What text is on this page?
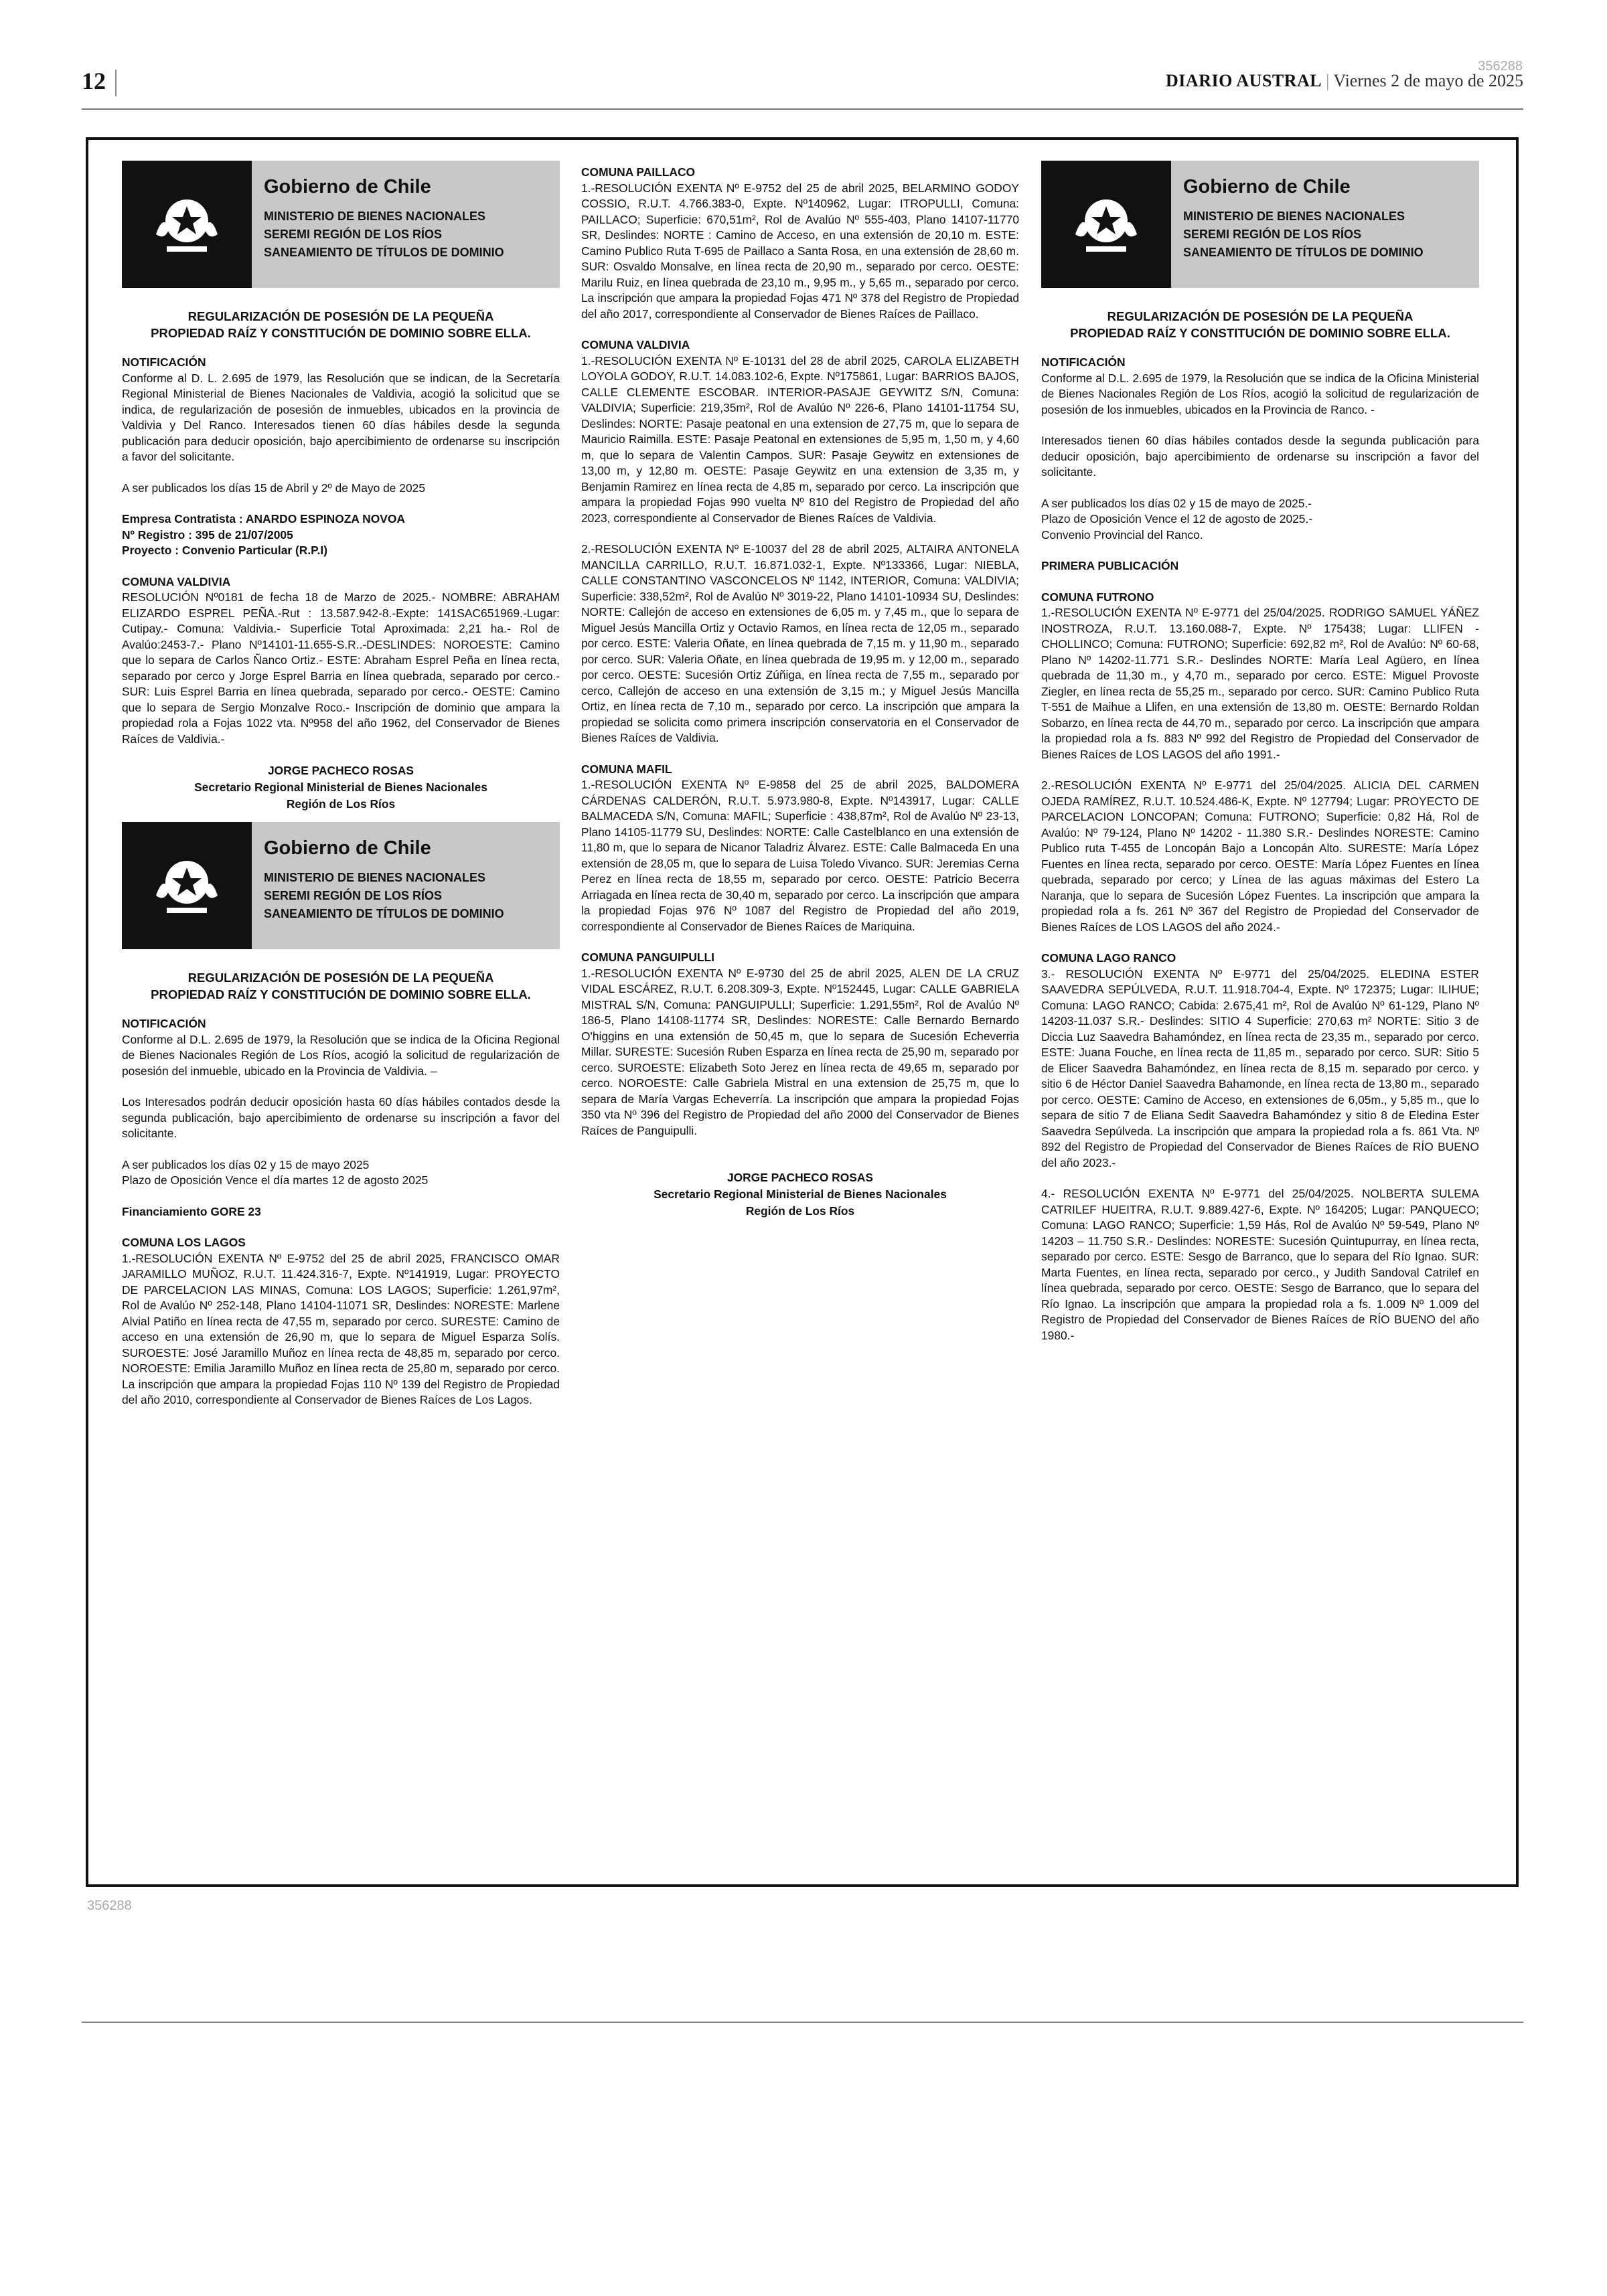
12
356288
DIARIO AUSTRAL | Viernes 2 de mayo de 2025
Gobierno de Chile
MINISTERIO DE BIENES NACIONALES
SEREMI REGIÓN DE LOS RÍOS
SANEAMIENTO DE TÍTULOS DE DOMINIO
REGULARIZACIÓN DE POSESIÓN DE LA PEQUEÑA
PROPIEDAD RAÍZ Y CONSTITUCIÓN DE DOMINIO SOBRE ELLA.

NOTIFICACIÓN

Conforme al D. L. 2.695 de 1979, las Resolución que se indican, de la Secretaría Regional Ministerial de Bienes Nacionales de Valdivia, acogió la solicitud que se indica, de regularización de posesión de inmuebles, ubicados en la provincia de Valdivia y Del Ranco. Interesados tienen 60 días hábiles desde la segunda publicación para deducir oposición, bajo apercibimiento de ordenarse su inscripción a favor del solicitante.

A ser publicados los días 15 de Abril y 2º de Mayo de 2025

Empresa Contratista : ANARDO ESPINOZA NOVOA

Nº Registro : 395 de 21/07/2005

Proyecto : Convenio Particular (R.P.I)

COMUNA VALDIVIA

RESOLUCIÓN Nº0181 de fecha 18 de Marzo de 2025.- NOMBRE: ABRAHAM ELIZARDO ESPREL PEÑA.-Rut : 13.587.942-8.-Expte: 141SAC651969.-Lugar: Cutipay.- Comuna: Valdivia.- Superficie Total Aproximada: 2,21 ha.- Rol de Avalúo:2453-7.- Plano Nº14101-11.655-S.R..-DESLINDES: NOROESTE: Camino que lo separa de Carlos Ñanco Ortiz.- ESTE: Abraham Esprel Peña en línea recta, separado por cerco y Jorge Esprel Barria en línea quebrada, separado por cerco.-SUR: Luis Esprel Barria en línea quebrada, separado por cerco.- OESTE: Camino que lo separa de Sergio Monzalve Roco.- Inscripción de dominio que ampara la propiedad rola a Fojas 1022 vta. Nº958 del año 1962, del Conservador de Bienes Raíces de Valdivia.-

JORGE PACHECO ROSAS
Secretario Regional Ministerial de Bienes Nacionales
Región de Los Ríos
Gobierno de Chile
MINISTERIO DE BIENES NACIONALES
SEREMI REGIÓN DE LOS RÍOS
SANEAMIENTO DE TÍTULOS DE DOMINIO
REGULARIZACIÓN DE POSESIÓN DE LA PEQUEÑA
PROPIEDAD RAÍZ Y CONSTITUCIÓN DE DOMINIO SOBRE ELLA.

NOTIFICACIÓN

Conforme al D.L. 2.695 de 1979, la Resolución que se indica de la Oficina Regional de Bienes Nacionales Región de Los Ríos, acogió la solicitud de regularización de posesión del inmueble, ubicado en la Provincia de Valdivia. –

Los Interesados podrán deducir oposición hasta 60 días hábiles contados desde la segunda publicación, bajo apercibimiento de ordenarse su inscripción a favor del solicitante.

A ser publicados los días 02 y 15 de mayo 2025

Plazo de Oposición Vence el día martes 12 de agosto 2025

Financiamiento GORE 23

COMUNA LOS LAGOS

1.-RESOLUCIÓN EXENTA Nº E-9752 del 25 de abril 2025, FRANCISCO OMAR JARAMILLO MUÑOZ, R.U.T. 11.424.316-7, Expte. Nº141919, Lugar: PROYECTO DE PARCELACION LAS MINAS, Comuna: LOS LAGOS; Superficie: 1.261,97m², Rol de Avalúo Nº 252-148, Plano 14104-11071 SR, Deslindes: NORESTE: Marlene Alvial Patiño en línea recta de 47,55 m, separado por cerco. SURESTE: Camino de acceso en una extensión de 26,90 m, que lo separa de Miguel Esparza Solís. SUROESTE: José Jaramillo Muñoz en línea recta de 48,85 m, separado por cerco. NOROESTE: Emilia Jaramillo Muñoz en línea recta de 25,80 m, separado por cerco. La inscripción que ampara la propiedad Fojas 110 Nº 139 del Registro de Propiedad del año 2010, correspondiente al Conservador de Bienes Raíces de Los Lagos.

COMUNA PAILLACO

1.-RESOLUCIÓN EXENTA Nº E-9752 del 25 de abril 2025, BELARMINO GODOY COSSIO, R.U.T. 4.766.383-0, Expte. Nº140962, Lugar: ITROPULLI, Comuna: PAILLACO; Superficie: 670,51m², Rol de Avalúo Nº 555-403, Plano 14107-11770 SR, Deslindes: NORTE : Camino de Acceso, en una extensión de 20,10 m. ESTE: Camino Publico Ruta T-695 de Paillaco a Santa Rosa, en una extensión de 28,60 m. SUR: Osvaldo Monsalve, en línea recta de 20,90 m., separado por cerco. OESTE: Marilu Ruiz, en línea quebrada de 23,10 m., 9,95 m., y 5,65 m., separado por cerco. La inscripción que ampara la propiedad Fojas 471 Nº 378 del Registro de Propiedad del año 2017, correspondiente al Conservador de Bienes Raíces de Paillaco.

COMUNA VALDIVIA

1.-RESOLUCIÓN EXENTA Nº E-10131 del 28 de abril 2025, CAROLA ELIZABETH LOYOLA GODOY, R.U.T. 14.083.102-6, Expte. Nº175861, Lugar: BARRIOS BAJOS, CALLE CLEMENTE ESCOBAR. INTERIOR-PASAJE GEYWITZ S/N, Comuna: VALDIVIA; Superficie: 219,35m², Rol de Avalúo Nº 226-6, Plano 14101-11754 SU, Deslindes: NORTE: Pasaje peatonal en una extension de 27,75 m, que lo separa de Mauricio Raimilla. ESTE: Pasaje Peatonal en extensiones de 5,95 m, 1,50 m, y 4,60 m, que lo separa de Valentin Campos. SUR: Pasaje Geywitz en extensiones de 13,00 m, y 12,80 m. OESTE: Pasaje Geywitz en una extension de 3,35 m, y Benjamin Ramirez en línea recta de 4,85 m, separado por cerco. La inscripción que ampara la propiedad Fojas 990 vuelta Nº 810 del Registro de Propiedad del año 2023, correspondiente al Conservador de Bienes Raíces de Valdivia.

2.-RESOLUCIÓN EXENTA Nº E-10037 del 28 de abril 2025, ALTAIRA ANTONELA MANCILLA CARRILLO, R.U.T. 16.871.032-1, Expte. Nº133366, Lugar: NIEBLA, CALLE CONSTANTINO VASCONCELOS Nº 1142, INTERIOR, Comuna: VALDIVIA; Superficie: 338,52m², Rol de Avalúo Nº 3019-22, Plano 14101-10934 SU, Deslindes: NORTE: Callejón de acceso en extensiones de 6,05 m. y 7,45 m., que lo separa de Miguel Jesús Mancilla Ortiz y Octavio Ramos, en línea recta de 12,05 m., separado por cerco. ESTE: Valeria Oñate, en línea quebrada de 7,15 m. y 11,90 m., separado por cerco. SUR: Valeria Oñate, en línea quebrada de 19,95 m. y 12,00 m., separado por cerco. OESTE: Sucesión Ortiz Zúñiga, en línea recta de 7,55 m., separado por cerco, Callejón de acceso en una extensión de 3,15 m.; y Miguel Jesús Mancilla Ortiz, en línea recta de 7,10 m., separado por cerco. La inscripción que ampara la propiedad se solicita como primera inscripción conservatoria en el Conservador de Bienes Raíces de Valdivia.

COMUNA MAFIL

1.-RESOLUCIÓN EXENTA Nº E-9858 del 25 de abril 2025, BALDOMERA CÁRDENAS CALDERÓN, R.U.T. 5.973.980-8, Expte. Nº143917, Lugar: CALLE BALMACEDA S/N, Comuna: MAFIL; Superficie : 438,87m², Rol de Avalúo Nº 23-13, Plano 14105-11779 SU, Deslindes: NORTE: Calle Castelblanco en una extensión de 11,80 m, que lo separa de Nicanor Taladriz Álvarez. ESTE: Calle Balmaceda En una extensión de 28,05 m, que lo separa de Luisa Toledo Vivanco. SUR: Jeremias Cerna Perez en línea recta de 18,55 m, separado por cerco. OESTE: Patricio Becerra Arriagada en línea recta de 30,40 m, separado por cerco. La inscripción que ampara la propiedad Fojas 976 Nº 1087 del Registro de Propiedad del año 2019, correspondiente al Conservador de Bienes Raíces de Mariquina.

COMUNA PANGUIPULLI

1.-RESOLUCIÓN EXENTA Nº E-9730 del 25 de abril 2025, ALEN DE LA CRUZ VIDAL ESCÁREZ, R.U.T. 6.208.309-3, Expte. Nº152445, Lugar: CALLE GABRIELA MISTRAL S/N, Comuna: PANGUIPULLI; Superficie: 1.291,55m², Rol de Avalúo Nº 186-5, Plano 14108-11774 SR, Deslindes: NORESTE: Calle Bernardo Bernardo O'higgins en una extensión de 50,45 m, que lo separa de Sucesión Echeverria Millar. SURESTE: Sucesión Ruben Esparza en línea recta de 25,90 m, separado por cerco. SUROESTE: Elizabeth Soto Jerez en línea recta de 49,65 m, separado por cerco. NOROESTE: Calle Gabriela Mistral en una extension de 25,75 m, que lo separa de María Vargas Echeverría. La inscripción que ampara la propiedad Fojas 350 vta Nº 396 del Registro de Propiedad del año 2000 del Conservador de Bienes Raíces de Panguipulli.

JORGE PACHECO ROSAS
Secretario Regional Ministerial de Bienes Nacionales
Región de Los Ríos
Gobierno de Chile
MINISTERIO DE BIENES NACIONALES
SEREMI REGIÓN DE LOS RÍOS
SANEAMIENTO DE TÍTULOS DE DOMINIO
REGULARIZACIÓN DE POSESIÓN DE LA PEQUEÑA
PROPIEDAD RAÍZ Y CONSTITUCIÓN DE DOMINIO SOBRE ELLA.

NOTIFICACIÓN

Conforme al D.L. 2.695 de 1979, la Resolución que se indica de la Oficina Ministerial de Bienes Nacionales Región de Los Ríos, acogió la solicitud de regularización de posesión de los inmuebles, ubicados en la Provincia de Ranco. -

Interesados tienen 60 días hábiles contados desde la segunda publicación para deducir oposición, bajo apercibimiento de ordenarse su inscripción a favor del solicitante.

A ser publicados los días 02 y 15 de mayo de 2025.-

Plazo de Oposición Vence el 12 de agosto de 2025.-

Convenio Provincial del Ranco.

PRIMERA PUBLICACIÓN

COMUNA FUTRONO

1.-RESOLUCIÓN EXENTA Nº E-9771 del 25/04/2025. RODRIGO SAMUEL YÁÑEZ INOSTROZA, R.U.T. 13.160.088-7, Expte. Nº 175438; Lugar: LLIFEN - CHOLLINCO; Comuna: FUTRONO; Superficie: 692,82 m², Rol de Avalúo: Nº 60-68, Plano Nº 14202-11.771 S.R.- Deslindes NORTE: María Leal Agüero, en línea quebrada de 11,30 m., y 4,70 m., separado por cerco. ESTE: Miguel Provoste Ziegler, en línea recta de 55,25 m., separado por cerco. SUR: Camino Publico Ruta T-551 de Maihue a Llifen, en una extensión de 13,80 m. OESTE: Bernardo Roldan Sobarzo, en línea recta de 44,70 m., separado por cerco. La inscripción que ampara la propiedad rola a fs. 883 Nº 992 del Registro de Propiedad del Conservador de Bienes Raíces de LOS LAGOS del año 1991.-

2.-RESOLUCIÓN EXENTA Nº E-9771 del 25/04/2025. ALICIA DEL CARMEN OJEDA RAMÍREZ, R.U.T. 10.524.486-K, Expte. Nº 127794; Lugar: PROYECTO DE PARCELACION LONCOPAN; Comuna: FUTRONO; Superficie: 0,82 Há, Rol de Avalúo: Nº 79-124, Plano Nº 14202 - 11.380 S.R.- Deslindes NORESTE: Camino Publico ruta T-455 de Loncopán Bajo a Loncopán Alto. SURESTE: María López Fuentes en línea recta, separado por cerco. OESTE: María López Fuentes en línea quebrada, separado por cerco; y Línea de las aguas máximas del Estero La Naranja, que lo separa de Sucesión López Fuentes. La inscripción que ampara la propiedad rola a fs. 261 Nº 367 del Registro de Propiedad del Conservador de Bienes Raíces de LOS LAGOS del año 2024.-

COMUNA LAGO RANCO

3.- RESOLUCIÓN EXENTA Nº E-9771 del 25/04/2025. ELEDINA ESTER SAAVEDRA SEPÚLVEDA, R.U.T. 11.918.704-4, Expte. Nº 172375; Lugar: ILIHUE; Comuna: LAGO RANCO; Cabida: 2.675,41 m², Rol de Avalúo Nº 61-129, Plano Nº 14203-11.037 S.R.- Deslindes: SITIO 4 Superficie: 270,63 m² NORTE: Sitio 3 de Diccia Luz Saavedra Bahamóndez, en línea recta de 23,35 m., separado por cerco. ESTE: Juana Fouche, en línea recta de 11,85 m., separado por cerco. SUR: Sitio 5 de Elicer Saavedra Bahamóndez, en línea recta de 8,15 m. separado por cerco. y sitio 6 de Héctor Daniel Saavedra Bahamonde, en línea recta de 13,80 m., separado por cerco. OESTE: Camino de Acceso, en extensiones de 6,05m., y 5,85 m., que lo separa de sitio 7 de Eliana Sedit Saavedra Bahamóndez y sitio 8 de Eledina Ester Saavedra Sepúlveda. La inscripción que ampara la propiedad rola a fs. 861 Vta. Nº 892 del Registro de Propiedad del Conservador de Bienes Raíces de RÍO BUENO del año 2023.-

4.- RESOLUCIÓN EXENTA Nº E-9771 del 25/04/2025. NOLBERTA SULEMA CATRILEF HUEITRA, R.U.T. 9.889.427-6, Expte. Nº 164205; Lugar: PANQUECO; Comuna: LAGO RANCO; Superficie: 1,59 Hás, Rol de Avalúo Nº 59-549, Plano Nº 14203 – 11.750 S.R.- Deslindes: NORESTE: Sucesión Quintupurray, en línea recta, separado por cerco. ESTE: Sesgo de Barranco, que lo separa del Río Ignao. SUR: Marta Fuentes, en línea recta, separado por cerco., y Judith Sandoval Catrilef en línea quebrada, separado por cerco. OESTE: Sesgo de Barranco, que lo separa del Río Ignao. La inscripción que ampara la propiedad rola a fs. 1.009 Nº 1.009 del Registro de Propiedad del Conservador de Bienes Raíces de RÍO BUENO del año 1980.-

356288
